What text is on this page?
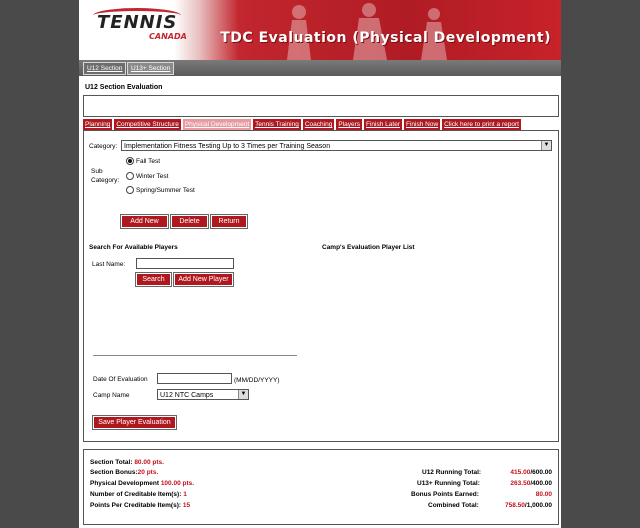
TENNIS
CANADA TDC Evaluation (Physical Development)
U12 Section	U13+ Section
U12 Section Evaluation
Planning Competitive Structure Physical Development Tennis Training Coaching Players Finish Later Finish Now Click here to print a report
Category: Implementation Fitness Testing Up to 3 Times per Training Season	▼
Sub
Category:
Fall Test
Winter Test
Spring/Summer Test
Add New	Delete	Return
Search For Available Players	Camp's Evaluation Player List
Last Name:
Search	Add New Player
Date Of Evaluation	(MM/DD/YYYY)
Camp Name	U12 NTC Camps	▼
Save Player Evaluation
Section Total: 80.00 pts.
Section Bonus:20 pts.
Physical Development 100.00 pts.
Number of Creditable Item(s): 1
Points Per Creditable Item(s): 15
U12 Running Total:	415.00/600.00
U13+ Running Total:	263.50/400.00
Bonus Points Earned:	80.00
Combined Total:	758.50/1,000.00
